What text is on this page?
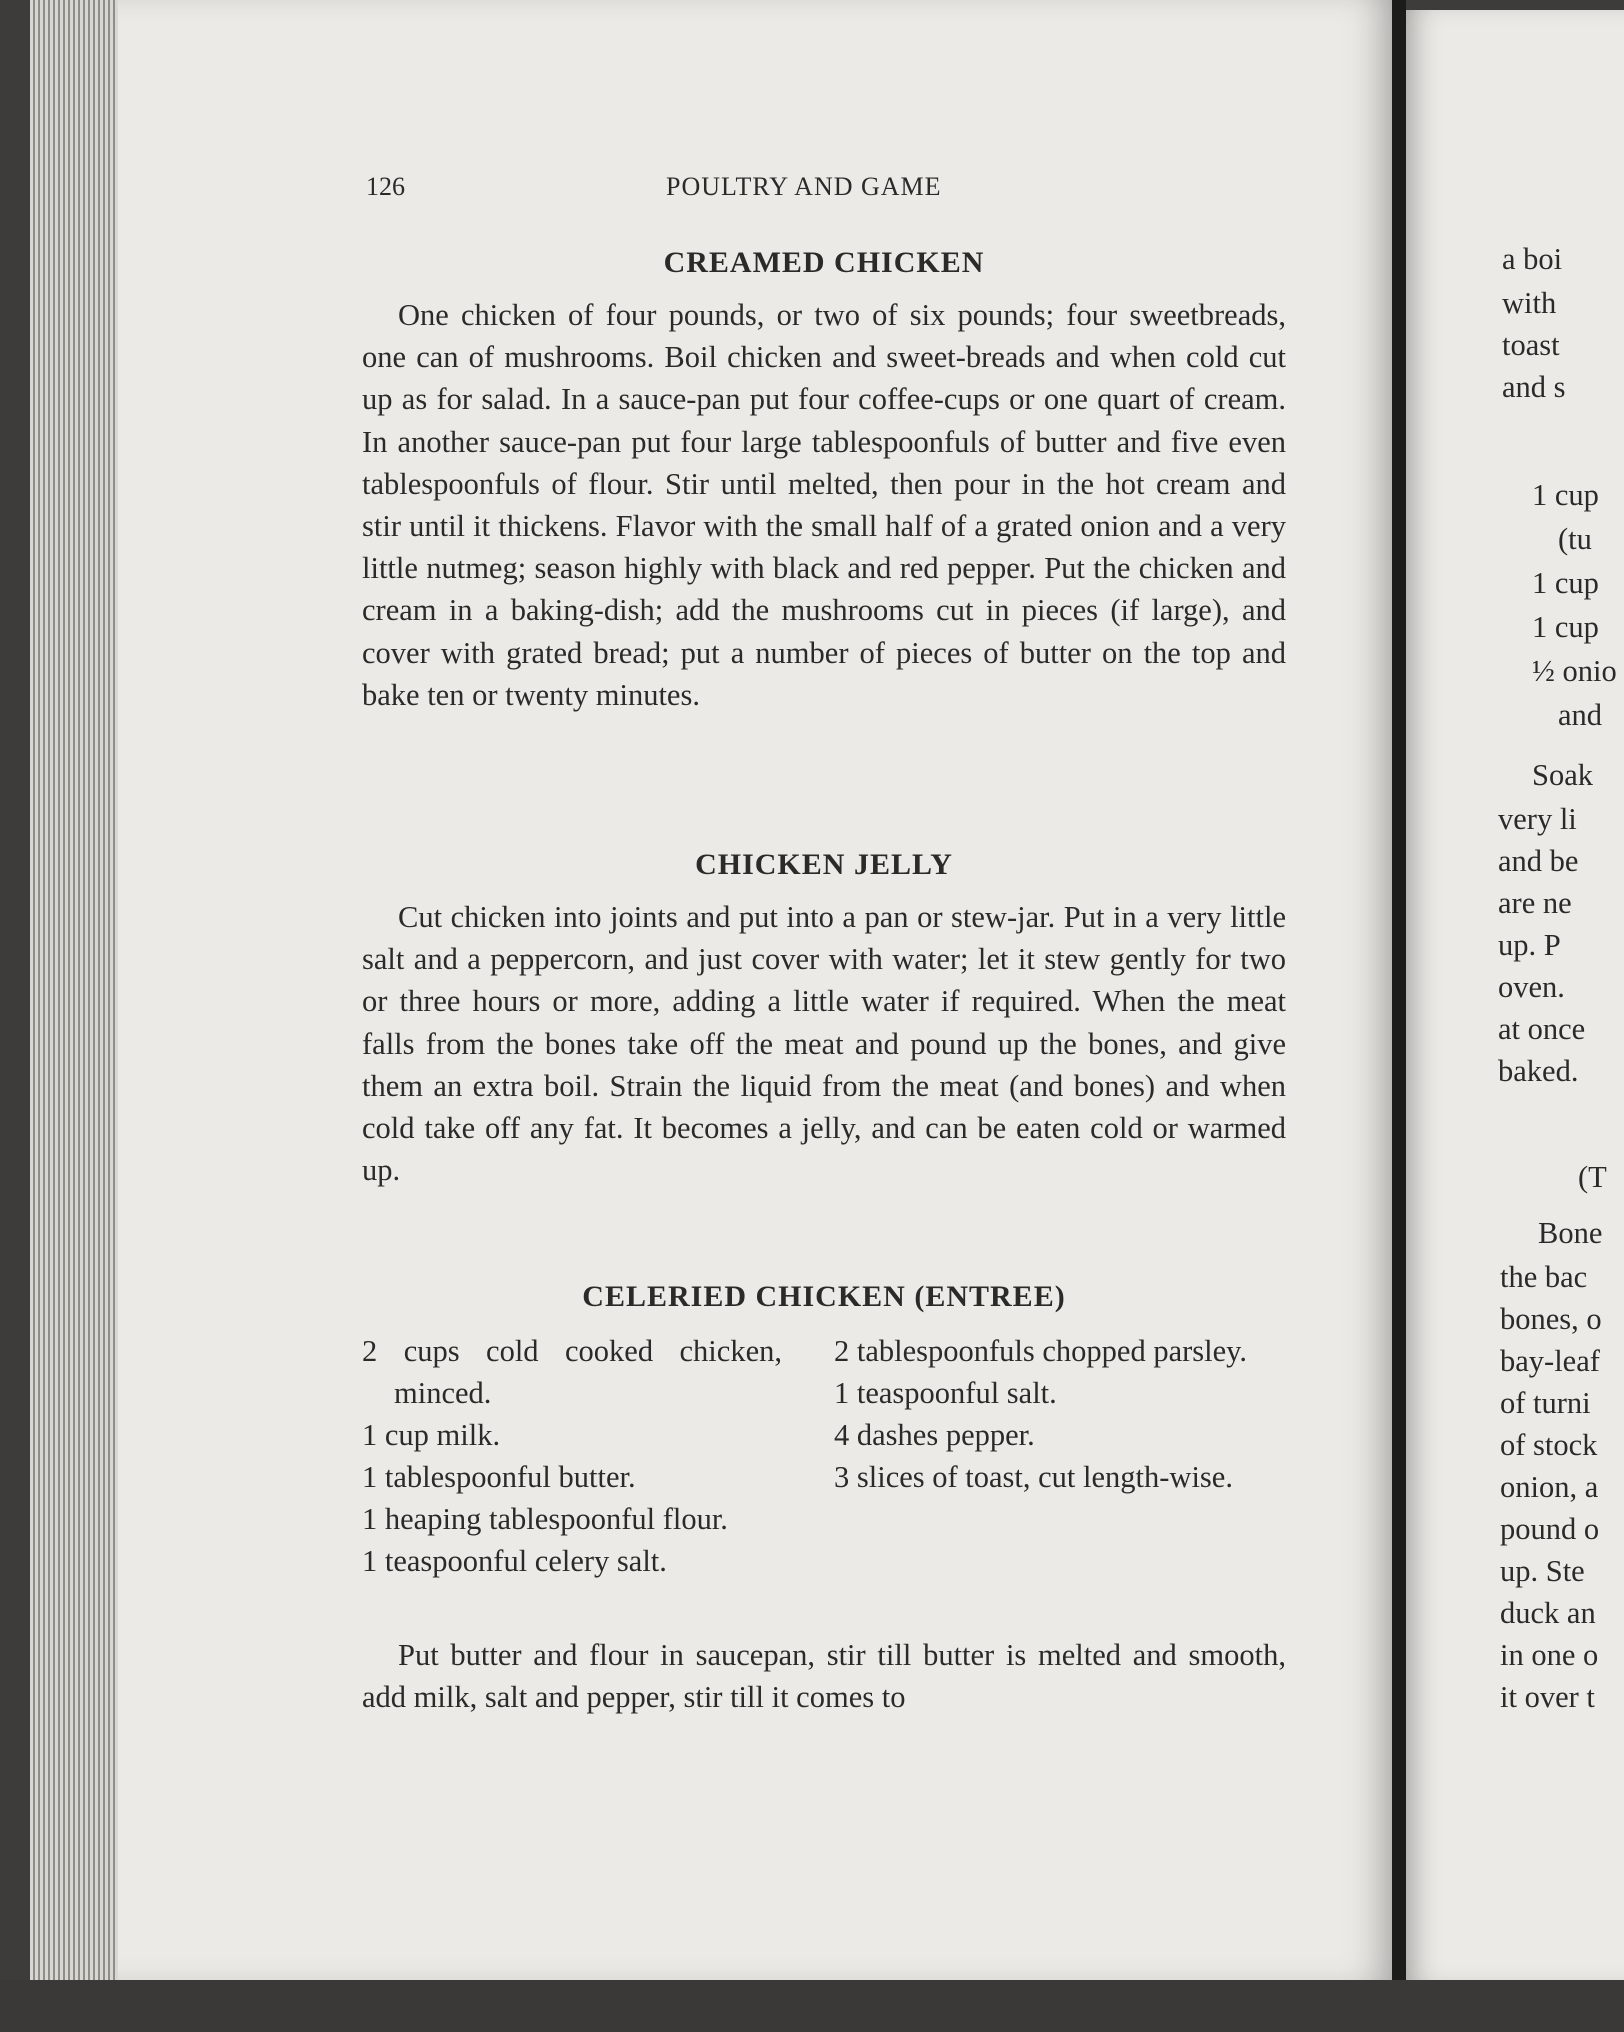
126	POULTRY AND GAME
CREAMED CHICKEN
One chicken of four pounds, or two of six pounds; four sweetbreads, one can of mushrooms. Boil chicken and sweet-breads and when cold cut up as for salad. In a sauce-pan put four coffee-cups or one quart of cream. In another sauce-pan put four large tablespoonfuls of butter and five even tablespoonfuls of flour. Stir until melted, then pour in the hot cream and stir until it thickens. Flavor with the small half of a grated onion and a very little nutmeg; season highly with black and red pepper. Put the chicken and cream in a baking-dish; add the mushrooms cut in pieces (if large), and cover with grated bread; put a number of pieces of butter on the top and bake ten or twenty minutes.
CHICKEN JELLY
Cut chicken into joints and put into a pan or stew-jar. Put in a very little salt and a peppercorn, and just cover with water; let it stew gently for two or three hours or more, adding a little water if required. When the meat falls from the bones take off the meat and pound up the bones, and give them an extra boil. Strain the liquid from the meat (and bones) and when cold take off any fat. It becomes a jelly, and can be eaten cold or warmed up.
CELERIED CHICKEN (ENTREE)

2 cups cold cooked chicken, minced.

1 cup milk.

1 tablespoonful butter.

1 heaping tablespoonful flour.

1 teaspoonful celery salt.

2 tablespoonfuls chopped parsley.

1 teaspoonful salt.

4 dashes pepper.

3 slices of toast, cut length-wise.

Put butter and flour in saucepan, stir till butter is melted and smooth, add milk, salt and pepper, stir till it comes to
a boi
with
toast
and s
1 cup
(tu
1 cup
1 cup
½ onio
and
Soak
very li
and be
are ne
up. P
oven.
at once
baked.
(T
Bone
the bac
bones, o
bay-leaf
of turni
of stock
onion, a
pound o
up. Ste
duck an
in one o
it over t
